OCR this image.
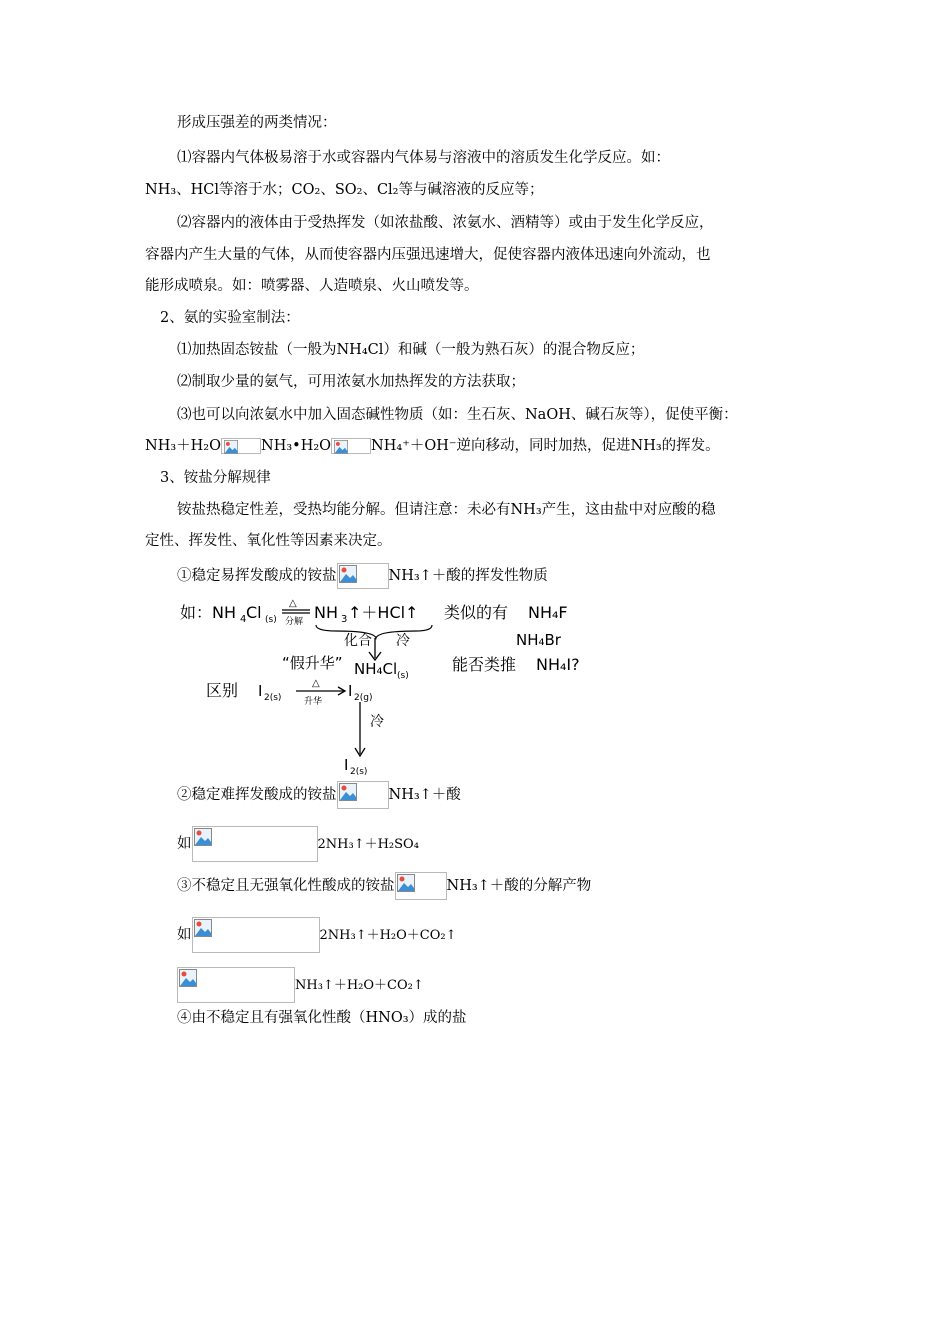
形成压强差的两类情况：
⑴容器内气体极易溶于水或容器内气体易与溶液中的溶质发生化学反应。如：
NH₃、HCl等溶于水；CO₂、SO₂、Cl₂等与碱溶液的反应等；
⑵容器内的液体由于受热挥发（如浓盐酸、浓氨水、酒精等）或由于发生化学反应，
容器内产生大量的气体，从而使容器内压强迅速增大，促使容器内液体迅速向外流动，也
能形成喷泉。如：喷雾器、人造喷泉、火山喷发等。
2、氨的实验室制法：
⑴加热固态铵盐（一般为NH₄Cl）和碱（一般为熟石灰）的混合物反应；
⑵制取少量的氨气，可用浓氨水加热挥发的方法获取；
⑶也可以向浓氨水中加入固态碱性物质（如：生石灰、NaOH、碱石灰等），促使平衡：
NH₃＋H₂O	NH₃•H₂O	NH₄⁺＋OH⁻逆向移动，同时加热，促进NH₃的挥发。
3、铵盐分解规律
铵盐热稳定性差，受热均能分解。但请注意：未必有NH₃产生，这由盐中对应酸的稳
定性、挥发性、氧化性等因素来决定。
①稳定易挥发酸成的铵盐	NH₃↑＋酸的挥发性物质
如：NH 4 Cl (s)
△
分解 NH 3 ↑＋HCl↑ 类似的有 NH₄F
NH₄Br
化合 冷
“假升华” NH₄Cl (s)
能否类推 NH₄I?
区别 I 2(s)
△
升华
I 2(g)
冷
I 2(s)
②稳定难挥发酸成的铵盐	NH₃↑＋酸
如	2NH₃↑＋H₂SO₄
③不稳定且无强氧化性酸成的铵盐	NH₃↑＋酸的分解产物
如	2NH₃↑＋H₂O＋CO₂↑
NH₃↑＋H₂O＋CO₂↑
④由不稳定且有强氧化性酸（HNO₃）成的盐
